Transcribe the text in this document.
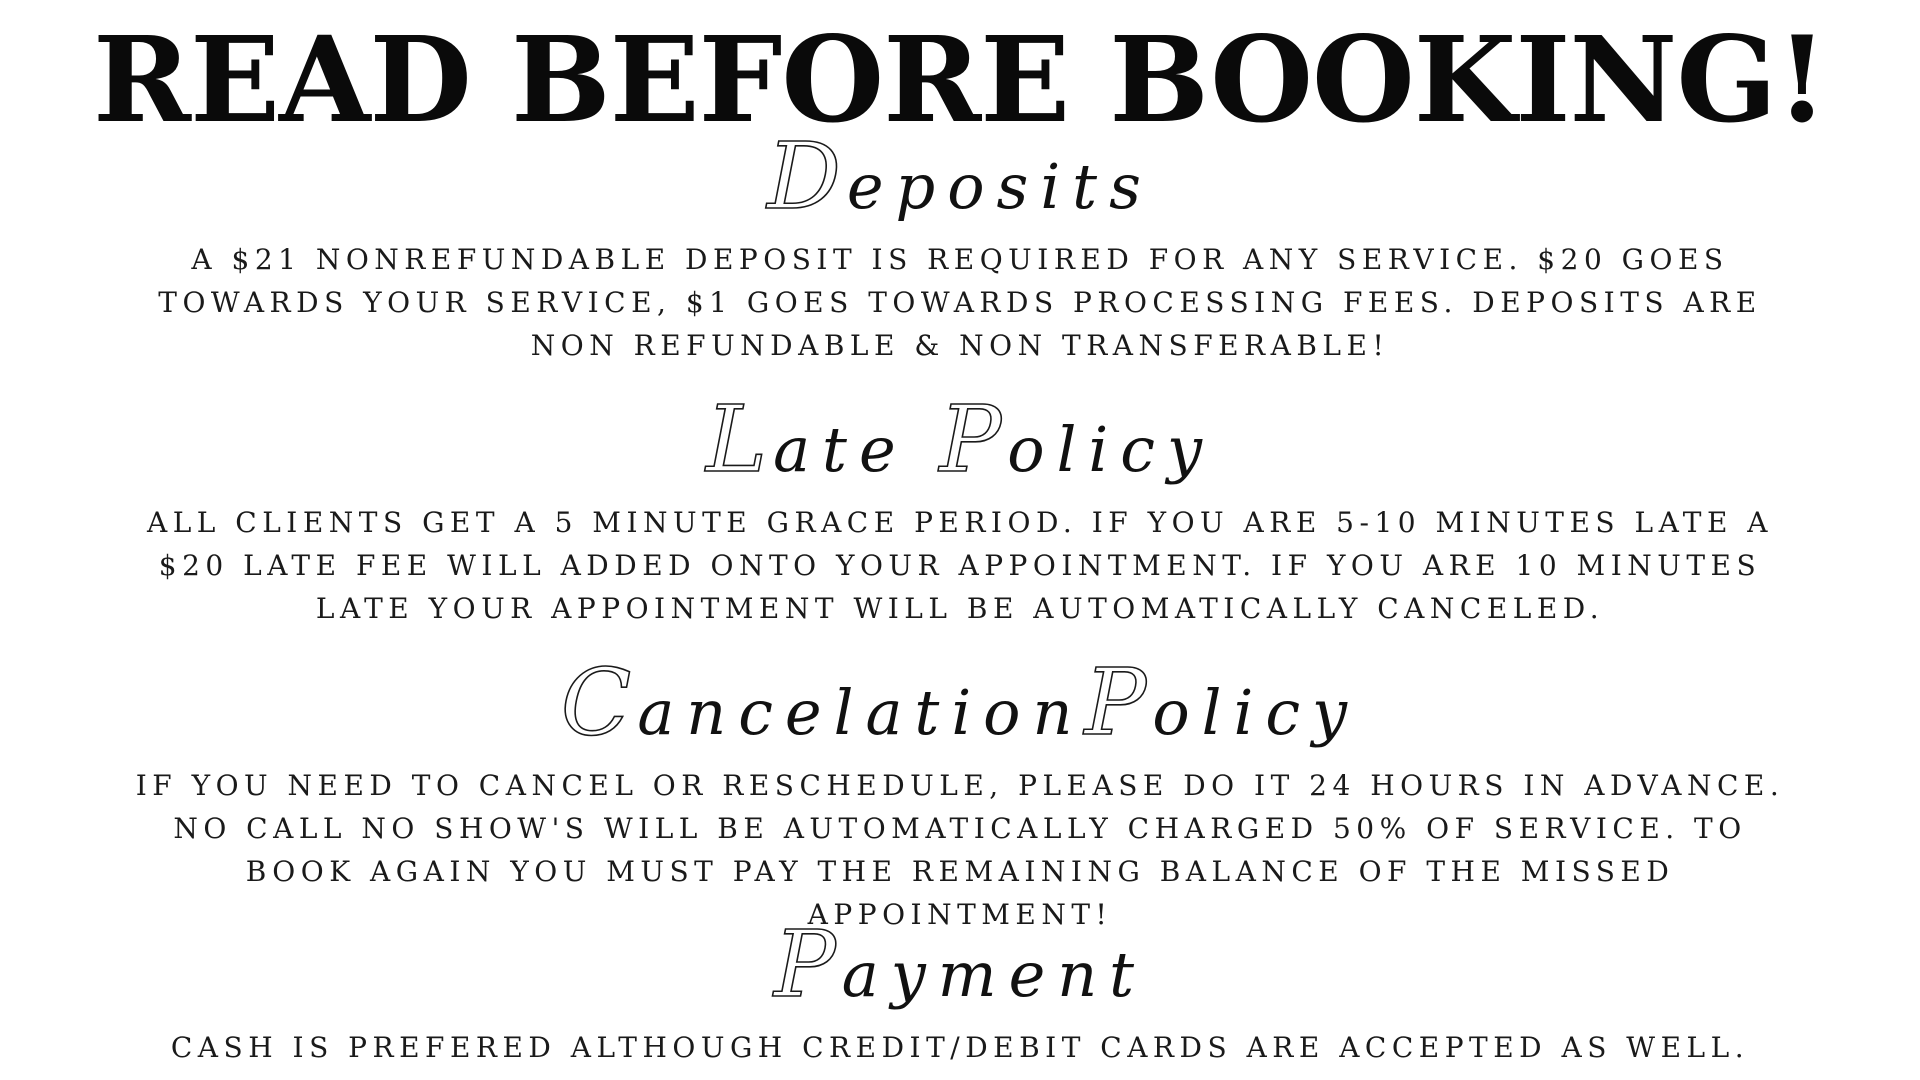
READ BEFORE BOOKING!
Deposits

A $21 NONREFUNDABLE DEPOSIT IS REQUIRED FOR ANY SERVICE. $20 GOES TOWARDS YOUR SERVICE, $1 GOES TOWARDS PROCESSING FEES. DEPOSITS ARE NON REFUNDABLE & NON TRANSFERABLE!

Late Policy

ALL CLIENTS GET A 5 MINUTE GRACE PERIOD. IF YOU ARE 5-10 MINUTES LATE A $20 LATE FEE WILL ADDED ONTO YOUR APPOINTMENT. IF YOU ARE 10 MINUTES LATE YOUR APPOINTMENT WILL BE AUTOMATICALLY CANCELED.

CancelationPolicy

IF YOU NEED TO CANCEL OR RESCHEDULE, PLEASE DO IT 24 HOURS IN ADVANCE. NO CALL NO SHOW'S WILL BE AUTOMATICALLY CHARGED 50% OF SERVICE. TO BOOK AGAIN YOU MUST PAY THE REMAINING BALANCE OF THE MISSED APPOINTMENT!

Payment

CASH IS PREFERED ALTHOUGH CREDIT/DEBIT CARDS ARE ACCEPTED AS WELL.
